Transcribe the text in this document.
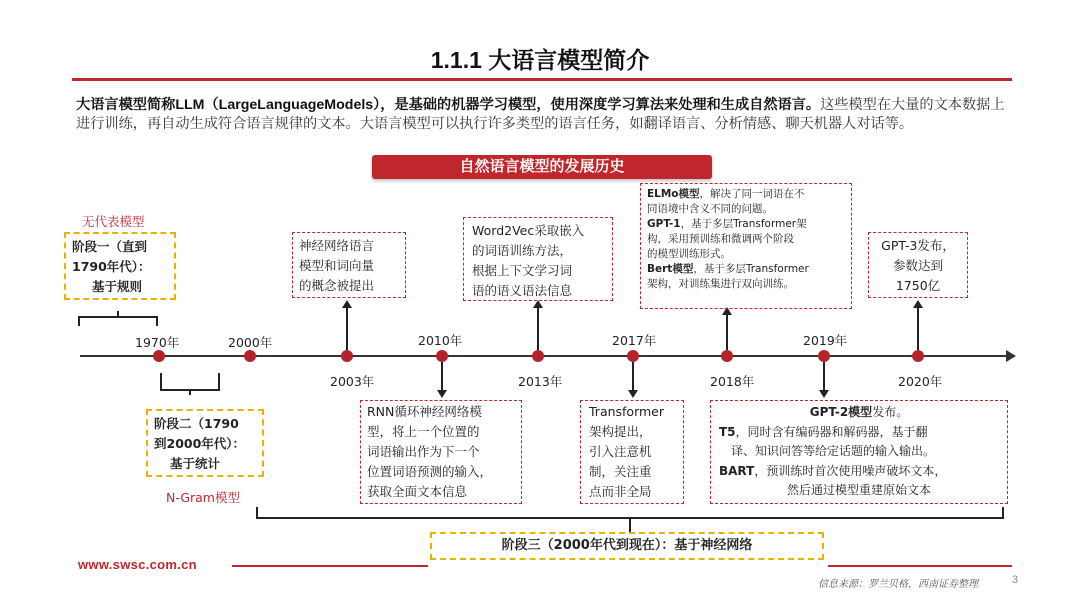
1.1.1 大语言模型简介
大语言模型简称LLM（LargeLanguageModels），是基础的机器学习模型，使用深度学习算法来处理和生成自然语言。这些模型在大量的文本数据上进行训练，再自动生成符合语言规律的文本。大语言模型可以执行许多类型的语言任务，如翻译语言、分析情感、聊天机器人对话等。
自然语言模型的发展历史
无代表模型
阶段一（直到
1790年代）：
基于规则
阶段二（1790
到2000年代）：
基于统计
N-Gram模型
1970年	2000年
2003年
2010年
2013年
2017年
2018年
2019年
2020年
神经网络语言
模型和词向量
的概念被提出
Word2Vec采取嵌入
的词语训练方法，
根据上下文学习词
语的语义语法信息
ELMo模型，解决了同一词语在不
同语境中含义不同的问题。
GPT-1，基于多层Transformer架
构，采用预训练和微调两个阶段
的模型训练形式。
Bert模型，基于多层Transformer
架构，对训练集进行双向训练。
GPT-3发布，
参数达到
1750亿
RNN循环神经网络模
型，将上一个位置的
词语输出作为下一个
位置词语预测的输入，
获取全面文本信息
Transformer
架构提出，
引入注意机
制，关注重
点而非全局
GPT-2模型发布。
T5，同时含有编码器和解码器，基于翻
译、知识问答等给定话题的输入输出。
BART，预训练时首次使用噪声破坏文本，
然后通过模型重建原始文本
阶段三（2000年代到现在）：基于神经网络
www.swsc.com.cn
信息来源：罗兰贝格，西南证券整理	3
